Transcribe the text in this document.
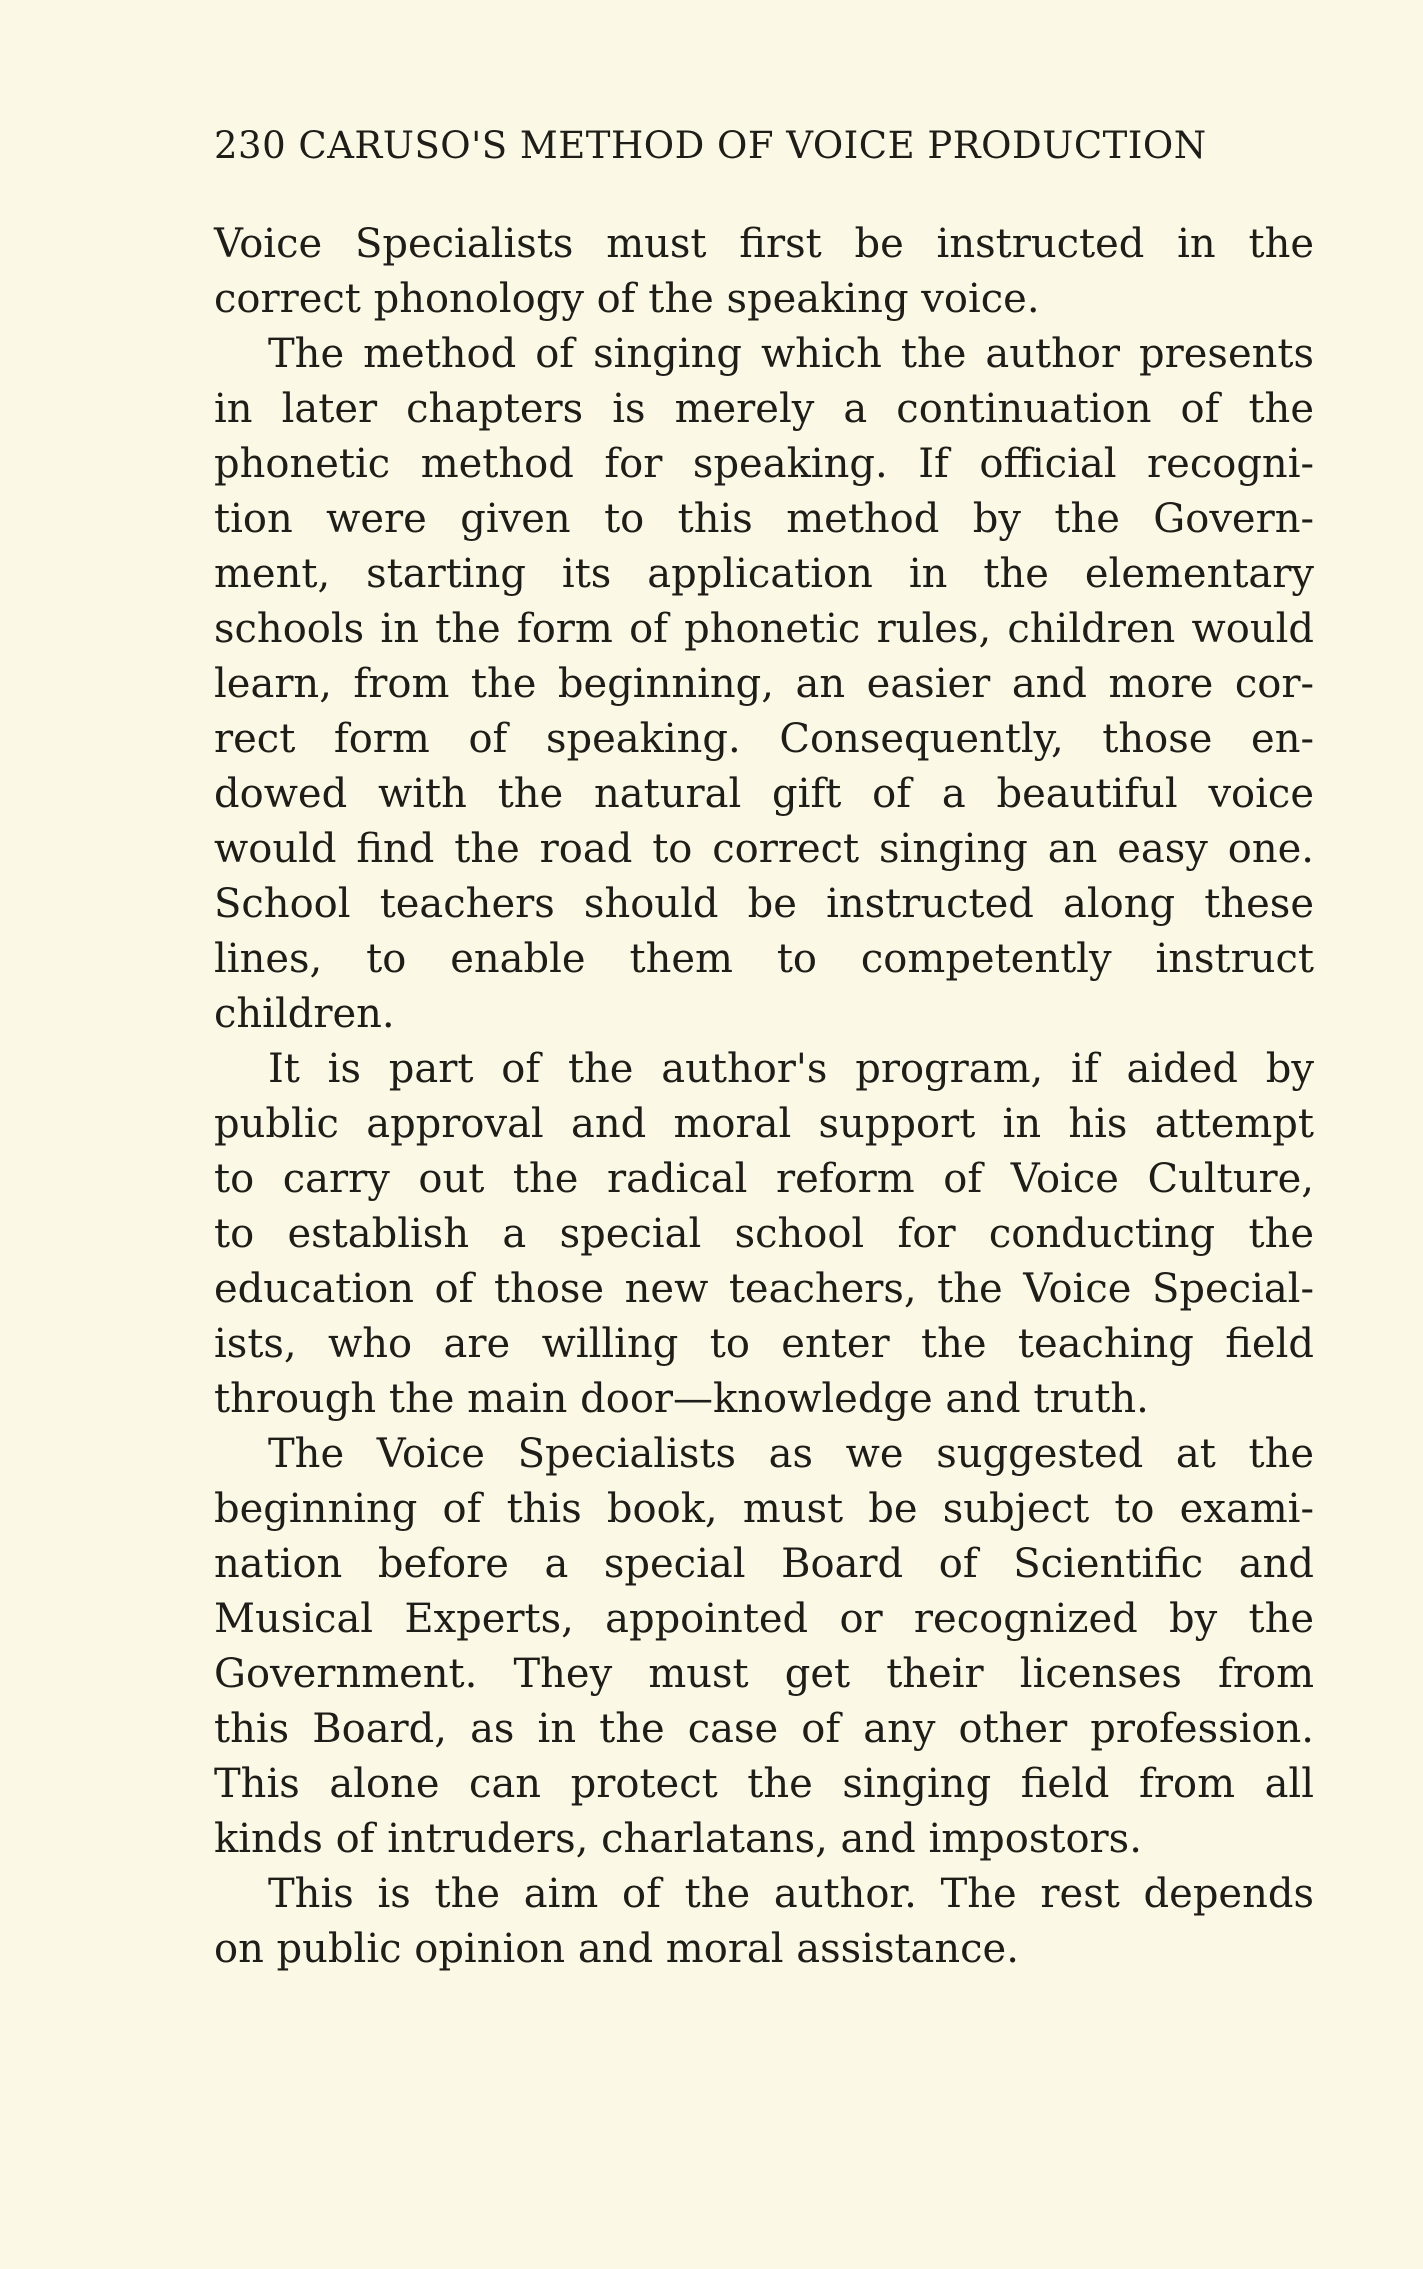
230 CARUSO'S METHOD OF VOICE PRODUCTION
Voice Specialists must first be instructed in the
correct phonology of the speaking voice.
The method of singing which the author presents
in later chapters is merely a continuation of the
phonetic method for speaking. If official recogni-
tion were given to this method by the Govern-
ment, starting its application in the elementary
schools in the form of phonetic rules, children would
learn, from the beginning, an easier and more cor-
rect form of speaking. Consequently, those en-
dowed with the natural gift of a beautiful voice
would find the road to correct singing an easy one.
School teachers should be instructed along these
lines, to enable them to competently instruct
children.
It is part of the author's program, if aided by
public approval and moral support in his attempt
to carry out the radical reform of Voice Culture,
to establish a special school for conducting the
education of those new teachers, the Voice Special-
ists, who are willing to enter the teaching field
through the main door—knowledge and truth.
The Voice Specialists as we suggested at the
beginning of this book, must be subject to exami-
nation before a special Board of Scientific and
Musical Experts, appointed or recognized by the
Government. They must get their licenses from
this Board, as in the case of any other profession.
This alone can protect the singing field from all
kinds of intruders, charlatans, and impostors.
This is the aim of the author. The rest depends
on public opinion and moral assistance.
